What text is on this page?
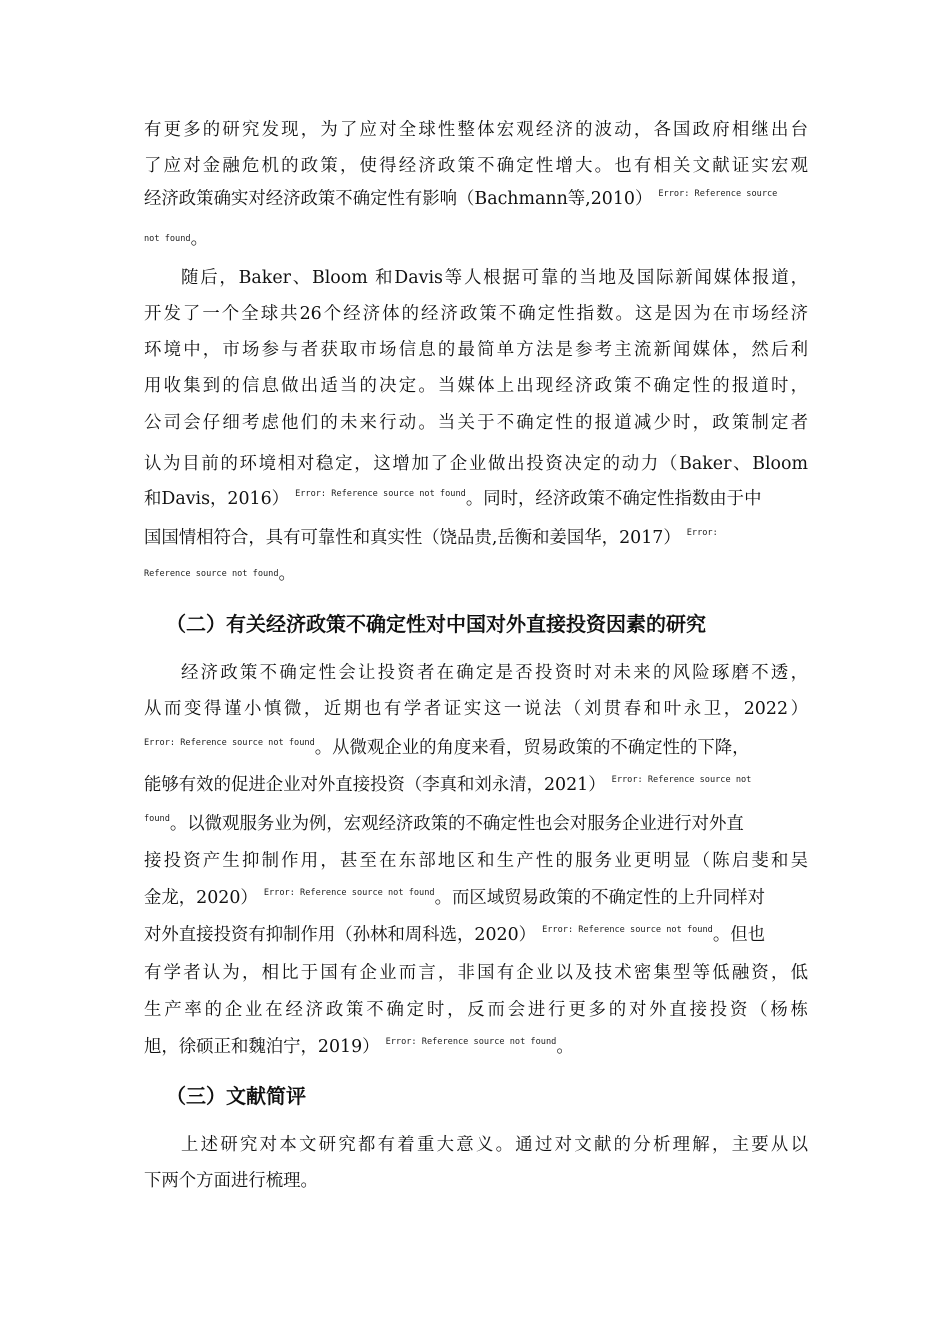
有更多的研究发现，为了应对全球性整体宏观经济的波动，各国政府相继出台
了应对金融危机的政策，使得经济政策不确定性增大。也有相关文献证实宏观
经济政策确实对经济政策不确定性有影响（Bachmann等,2010） $^{Error: Reference source}$
not found。
随后，Baker、Bloom 和Davis等人根据可靠的当地及国际新闻媒体报道，
开发了一个全球共26个经济体的经济政策不确定性指数。这是因为在市场经济
环境中，市场参与者获取市场信息的最简单方法是参考主流新闻媒体，然后利
用收集到的信息做出适当的决定。当媒体上出现经济政策不确定性的报道时，
公司会仔细考虑他们的未来行动。当关于不确定性的报道减少时，政策制定者
认为目前的环境相对稳定，这增加了企业做出投资决定的动力（Baker、Bloom
和Davis，2016） $^{Error: Reference source not found}$。同时，经济政策不确定性指数由于中
国国情相符合，具有可靠性和真实性（饶品贵,岳衡和姜国华，2017） $^{Error:}$
Reference source not found。
（二）有关经济政策不确定性对中国对外直接投资因素的研究
经济政策不确定性会让投资者在确定是否投资时对未来的风险琢磨不透，
从而变得谨小慎微，近期也有学者证实这一说法（刘贯春和叶永卫，2022）
$^{Error: Reference source not found}$。从微观企业的角度来看，贸易政策的不确定性的下降，
能够有效的促进企业对外直接投资（李真和刘永清，2021） $^{Error: Reference source not}$
$^{found}$。以微观服务业为例，宏观经济政策的不确定性也会对服务企业进行对外直
接投资产生抑制作用，甚至在东部地区和生产性的服务业更明显（陈启斐和吴
金龙，2020） $^{Error: Reference source not found}$。而区域贸易政策的不确定性的上升同样对
对外直接投资有抑制作用（孙林和周科选，2020） $^{Error: Reference source not found}$。但也
有学者认为，相比于国有企业而言，非国有企业以及技术密集型等低融资，低
生产率的企业在经济政策不确定时，反而会进行更多的对外直接投资（杨栋
旭，徐硕正和魏泊宁，2019） $^{Error: Reference source not found}$。
（三）文献简评
上述研究对本文研究都有着重大意义。通过对文献的分析理解，主要从以
下两个方面进行梳理。
